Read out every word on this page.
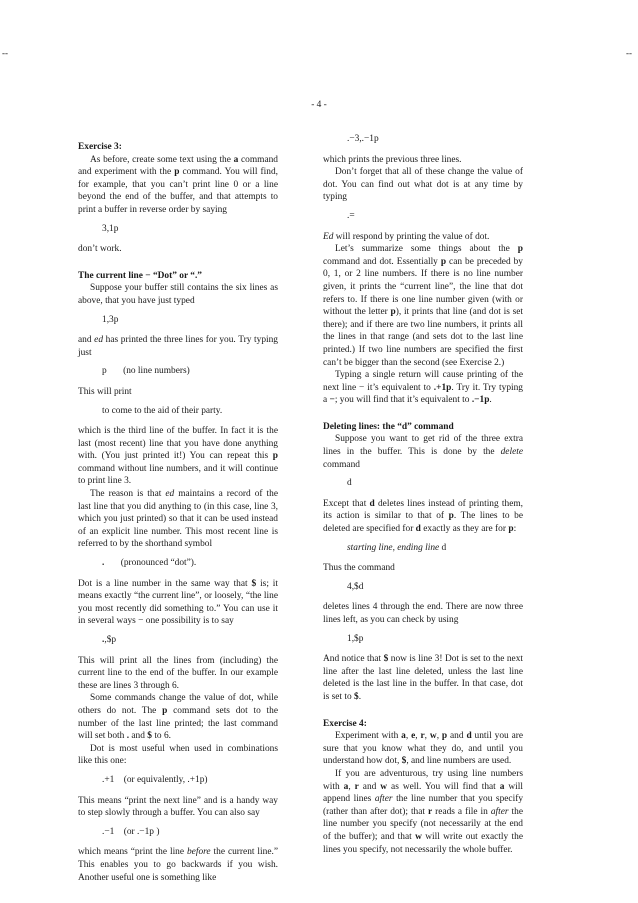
--	--
- 4 -
Exercise 3:
As before, create some text using the a command and experiment with the p command. You will find, for example, that you can’t print line 0 or a line beyond the end of the buffer, and that attempts to print a buffer in reverse order by saying
3,1p
don’t work.
The current line − “Dot” or “.”
Suppose your buffer still contains the six lines as above, that you have just typed
1,3p
and ed has printed the three lines for you. Try typing just
p       (no line numbers)
This will print
to come to the aid of their party.
which is the third line of the buffer. In fact it is the last (most recent) line that you have done anything with. (You just printed it!) You can repeat this p command without line numbers, and it will continue to print line 3.
The reason is that ed maintains a record of the last line that you did anything to (in this case, line 3, which you just printed) so that it can be used instead of an explicit line number. This most recent line is referred to by the shorthand symbol
.       (pronounced “dot”).
Dot is a line number in the same way that $ is; it means exactly “the current line”, or loosely, “the line you most recently did something to.” You can use it in several ways − one possibility is to say
.,$p
This will print all the lines from (including) the current line to the end of the buffer. In our example these are lines 3 through 6.
Some commands change the value of dot, while others do not. The p command sets dot to the number of the last line printed; the last command will set both . and $ to 6.
Dot is most useful when used in combinations like this one:
.+1    (or equivalently, .+1p)
This means “print the next line” and is a handy way to step slowly through a buffer. You can also say
.−1    (or .−1p )
which means “print the line before the current line.” This enables you to go backwards if you wish. Another useful one is something like
.−3,.−1p
which prints the previous three lines.
Don’t forget that all of these change the value of dot. You can find out what dot is at any time by typing
.=
Ed will respond by printing the value of dot.
Let’s summarize some things about the p command and dot. Essentially p can be preceded by 0, 1, or 2 line numbers. If there is no line number given, it prints the “current line”, the line that dot refers to. If there is one line number given (with or without the letter p), it prints that line (and dot is set there); and if there are two line numbers, it prints all the lines in that range (and sets dot to the last line printed.) If two line numbers are specified the first can’t be bigger than the second (see Exercise 2.)
Typing a single return will cause printing of the next line − it’s equivalent to .+1p. Try it. Try typing a −; you will find that it’s equivalent to .−1p.
Deleting lines: the “d” command
Suppose you want to get rid of the three extra lines in the buffer. This is done by the delete command
d
Except that d deletes lines instead of printing them, its action is similar to that of p. The lines to be deleted are specified for d exactly as they are for p:
starting line, ending line d
Thus the command
4,$d
deletes lines 4 through the end. There are now three lines left, as you can check by using
1,$p
And notice that $ now is line 3! Dot is set to the next line after the last line deleted, unless the last line deleted is the last line in the buffer. In that case, dot is set to $.
Exercise 4:
Experiment with a, e, r, w, p and d until you are sure that you know what they do, and until you understand how dot, $, and line numbers are used.
If you are adventurous, try using line numbers with a, r and w as well. You will find that a will append lines after the line number that you specify (rather than after dot); that r reads a file in after the line number you specify (not necessarily at the end of the buffer); and that w will write out exactly the lines you specify, not necessarily the whole buffer.
